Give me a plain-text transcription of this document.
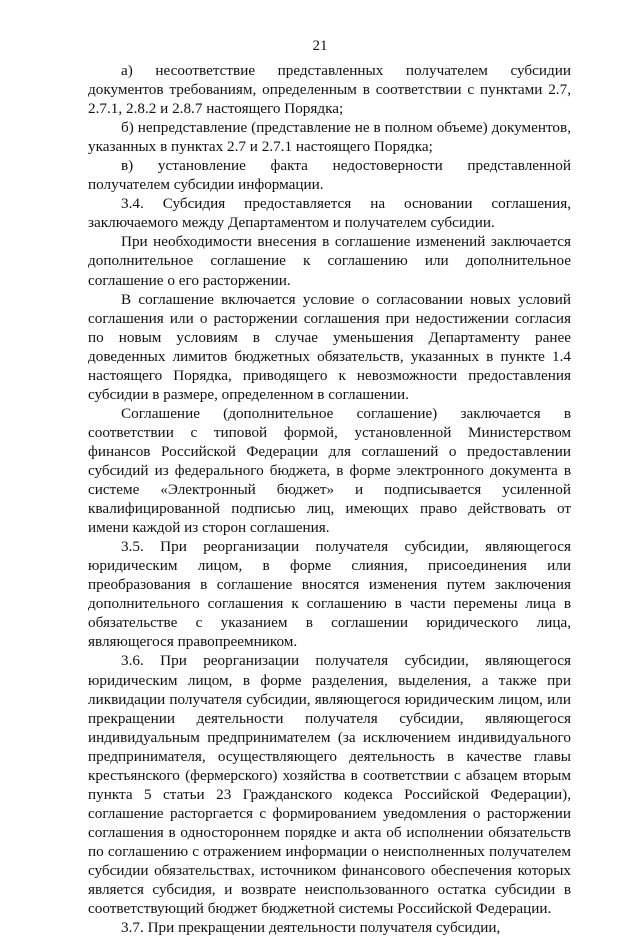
21

а) несоответствие представленных получателем субсидии документов требованиям, определенным в соответствии с пунктами 2.7, 2.7.1, 2.8.2 и 2.8.7 настоящего Порядка;

б) непредставление (представление не в полном объеме) документов, указанных в пунктах 2.7 и 2.7.1 настоящего Порядка;

в) установление факта недостоверности представленной получателем субсидии информации.

3.4. Субсидия предоставляется на основании соглашения, заключаемого между Департаментом и получателем субсидии.

При необходимости внесения в соглашение изменений заключается дополнительное соглашение к соглашению или дополнительное соглашение о его расторжении.

В соглашение включается условие о согласовании новых условий соглашения или о расторжении соглашения при недостижении согласия по новым условиям в случае уменьшения Департаменту ранее доведенных лимитов бюджетных обязательств, указанных в пункте 1.4 настоящего Порядка, приводящего к невозможности предоставления субсидии в размере, определенном в соглашении.

Соглашение (дополнительное соглашение) заключается в соответствии с типовой формой, установленной Министерством финансов Российской Федерации для соглашений о предоставлении субсидий из федерального бюджета, в форме электронного документа в системе «Электронный бюджет» и подписывается усиленной квалифицированной подписью лиц, имеющих право действовать от имени каждой из сторон соглашения.

3.5. При реорганизации получателя субсидии, являющегося юридическим лицом, в форме слияния, присоединения или преобразования в соглашение вносятся изменения путем заключения дополнительного соглашения к соглашению в части перемены лица в обязательстве с указанием в соглашении юридического лица, являющегося правопреемником.

3.6. При реорганизации получателя субсидии, являющегося юридическим лицом, в форме разделения, выделения, а также при ликвидации получателя субсидии, являющегося юридическим лицом, или прекращении деятельности получателя субсидии, являющегося индивидуальным предпринимателем (за исключением индивидуального предпринимателя, осуществляющего деятельность в качестве главы крестьянского (фермерского) хозяйства в соответствии с абзацем вторым пункта 5 статьи 23 Гражданского кодекса Российской Федерации), соглашение расторгается с формированием уведомления о расторжении соглашения в одностороннем порядке и акта об исполнении обязательств по соглашению с отражением информации о неисполненных получателем субсидии обязательствах, источником финансового обеспечения которых является субсидия, и возврате неиспользованного остатка субсидии в соответствующий бюджет бюджетной системы Российской Федерации.

3.7. При прекращении деятельности получателя субсидии,
